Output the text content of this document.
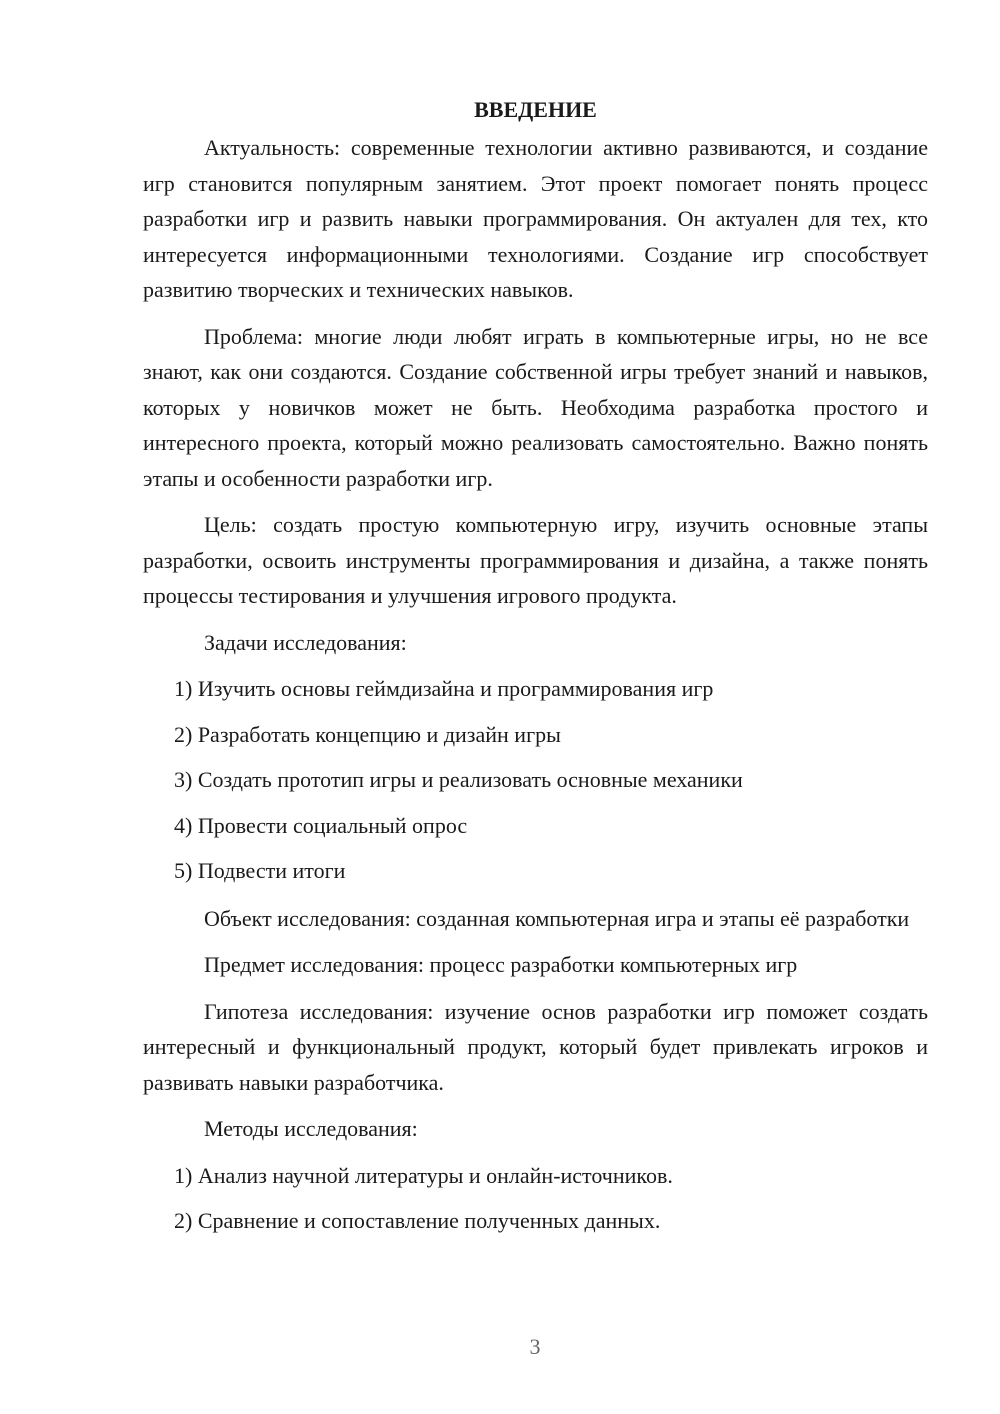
ВВЕДЕНИЕ

Актуальность: современные технологии активно развиваются, и создание игр становится популярным занятием. Этот проект помогает понять процесс разработки игр и развить навыки программирования. Он актуален для тех, кто интересуется информационными технологиями. Создание игр способствует развитию творческих и технических навыков.

Проблема: многие люди любят играть в компьютерные игры, но не все знают, как они создаются. Создание собственной игры требует знаний и навыков, которых у новичков может не быть. Необходима разработка простого и интересного проекта, который можно реализовать самостоятельно. Важно понять этапы и особенности разработки игр.

Цель: создать простую компьютерную игру, изучить основные этапы разработки, освоить инструменты программирования и дизайна, а также понять процессы тестирования и улучшения игрового продукта.

Задачи исследования:

1) Изучить основы геймдизайна и программирования игр
2) Разработать концепцию и дизайн игры
3) Создать прототип игры и реализовать основные механики
4) Провести социальный опрос
5) Подвести итоги

Объект исследования: созданная компьютерная игра и этапы её разработки

Предмет исследования: процесс разработки компьютерных игр

Гипотеза исследования: изучение основ разработки игр поможет создать интересный и функциональный продукт, который будет привлекать игроков и развивать навыки разработчика.

Методы исследования:

1) Анализ научной литературы и онлайн-источников.
2) Сравнение и сопоставление полученных данных.
3
